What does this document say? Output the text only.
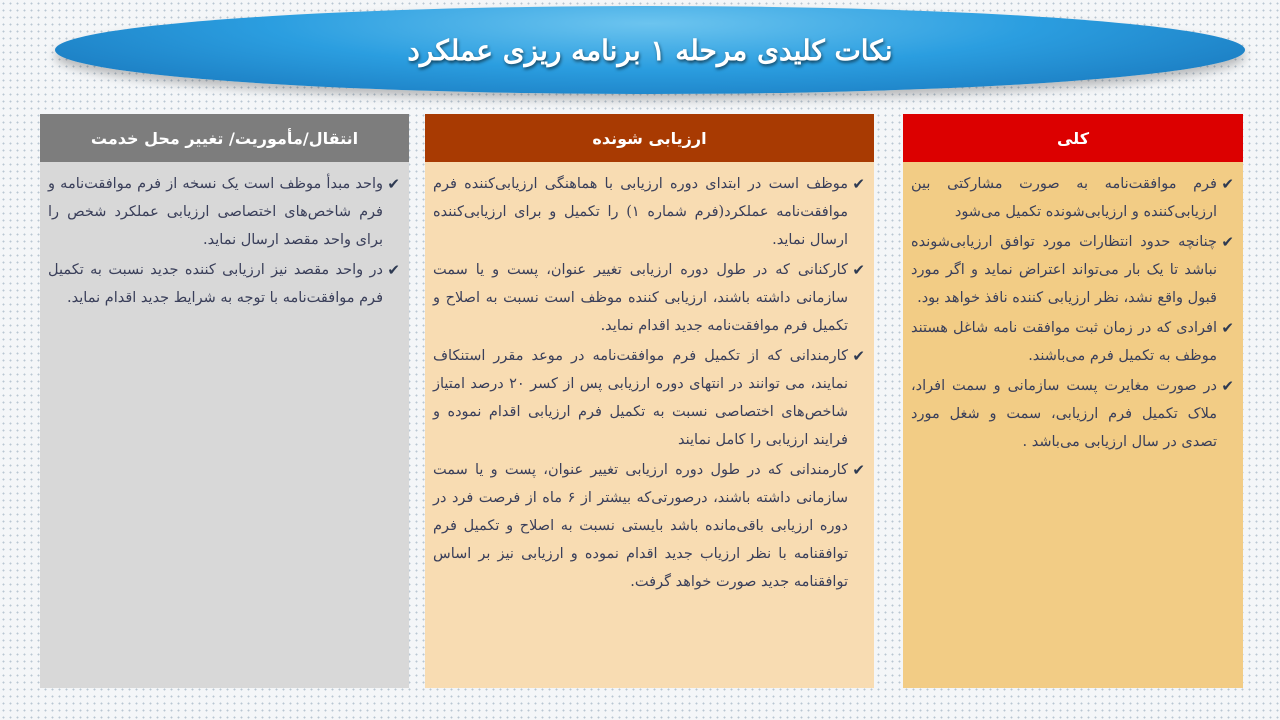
نکات کلیدی مرحله ۱ برنامه ریزی عملکرد
کلی
✔
فرم موافقت‌نامه به صورت مشارکتی بین ارزیابی‌کننده و ارزیابی‌شونده تکمیل می‌شود
✔
چنانچه حدود انتظارات مورد توافق ارزیابی‌شونده نباشد تا یک بار می‌تواند اعتراض نماید و اگر مورد قبول واقع نشد، نظر ارزیابی کننده نافذ خواهد بود.
✔
افرادی که در زمان ثبت موافقت نامه شاغل هستند موظف به تکمیل فرم می‌باشند.
✔
در صورت مغایرت پست سازمانی و سمت افراد، ملاک تکمیل فرم ارزیابی، سمت و شغل مورد تصدی در سال ارزیابی می‌باشد .
ارزیابی شونده
✔
موظف است در ابتدای دوره ارزیابی با هماهنگی ارزیابی‌کننده فرم موافقت‌نامه عملکرد(فرم شماره ۱) را تکمیل و برای ارزیابی‌کننده ارسال نماید.
✔
کارکنانی که در طول دوره ارزیابی تغییر عنوان، پست و یا سمت سازمانی داشته باشند، ارزیابی کننده موظف است نسبت به اصلاح و تکمیل فرم موافقت‌نامه جدید اقدام نماید.
✔
کارمندانی که از تکمیل فرم موافقت‌نامه در موعد مقرر استنکاف نمایند، می توانند در انتهای دوره ارزیابی پس از کسر ۲۰ درصد امتیاز شاخص‌های اختصاصی نسبت به تکمیل فرم ارزیابی اقدام نموده و فرایند ارزیابی را کامل نمایند
✔
کارمندانی که در طول دوره ارزیابی تغییر عنوان، پست و یا سمت سازمانی داشته باشند، درصورتی‌که بیشتر از ۶ ماه از فرصت فرد در دوره ارزیابی باقی‌مانده باشد بایستی نسبت به اصلاح و تکمیل فرم توافقنامه با نظر ارزیاب جدید اقدام نموده و ارزیابی نیز بر اساس توافقنامه جدید صورت خواهد گرفت.
انتقال/مأموریت/ تغییر محل خدمت
✔
واحد مبدأ موظف است یک نسخه از فرم موافقت‌نامه و فرم شاخص‌های اختصاصی ارزیابی عملکرد شخص را برای واحد مقصد ارسال نماید.
✔
در واحد مقصد نیز ارزیابی کننده جدید نسبت به تکمیل فرم موافقت‌نامه با توجه به شرایط جدید اقدام نماید.
